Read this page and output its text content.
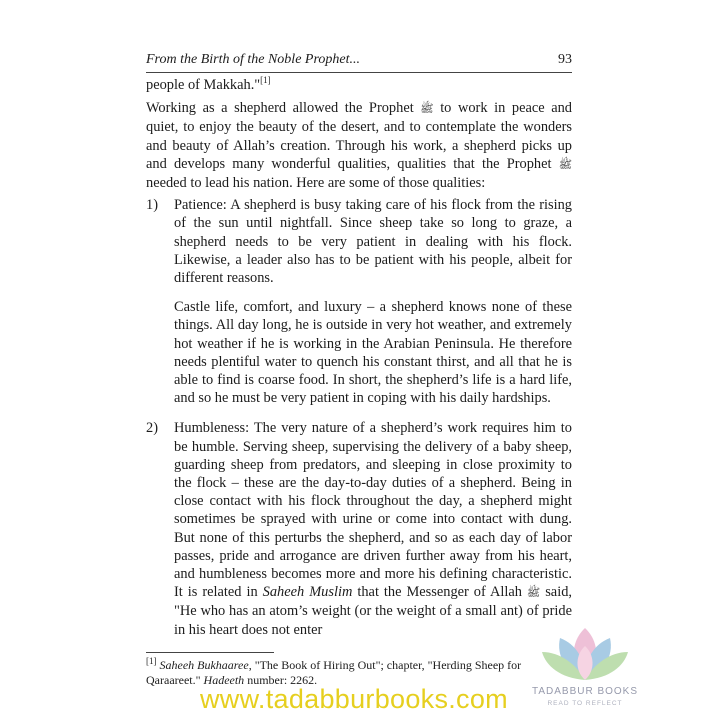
From the Birth of the Noble Prophet...	93

people of Makkah."[1]

Working as a shepherd allowed the Prophet ﷺ to work in peace and quiet, to enjoy the beauty of the desert, and to contemplate the wonders and beauty of Allah’s creation. Through his work, a shepherd picks up and develops many wonderful qualities, qualities that the Prophet ﷺ needed to lead his nation. Here are some of those qualities:

1) Patience: A shepherd is busy taking care of his flock from the rising of the sun until nightfall. Since sheep take so long to graze, a shepherd needs to be very patient in dealing with his flock. Likewise, a leader also has to be patient with his people, albeit for different reasons.

Castle life, comfort, and luxury – a shepherd knows none of these things. All day long, he is outside in very hot weather, and extremely hot weather if he is working in the Arabian Peninsula. He therefore needs plentiful water to quench his constant thirst, and all that he is able to find is coarse food. In short, the shepherd’s life is a hard life, and so he must be very patient in coping with his daily hardships.

2) Humbleness: The very nature of a shepherd’s work requires him to be humble. Serving sheep, supervising the delivery of a baby sheep, guarding sheep from predators, and sleeping in close proximity to the flock – these are the day-to-day duties of a shepherd. Being in close contact with his flock throughout the day, a shepherd might sometimes be sprayed with urine or come into contact with dung. But none of this perturbs the shepherd, and so as each day of labor passes, pride and arrogance are driven further away from his heart, and humbleness becomes more and more his defining characteristic. It is related in Saheeh Muslim that the Messenger of Allah ﷺ said, "He who has an atom’s weight (or the weight of a small ant) of pride in his heart does not enter

[1] Saheeh Bukhaaree, "The Book of Hiring Out"; chapter, "Herding Sheep for Qaraareet." Hadeeth number: 2262.
www.tadabburbooks.com TADABBUR BOOKS
READ TO REFLECT
